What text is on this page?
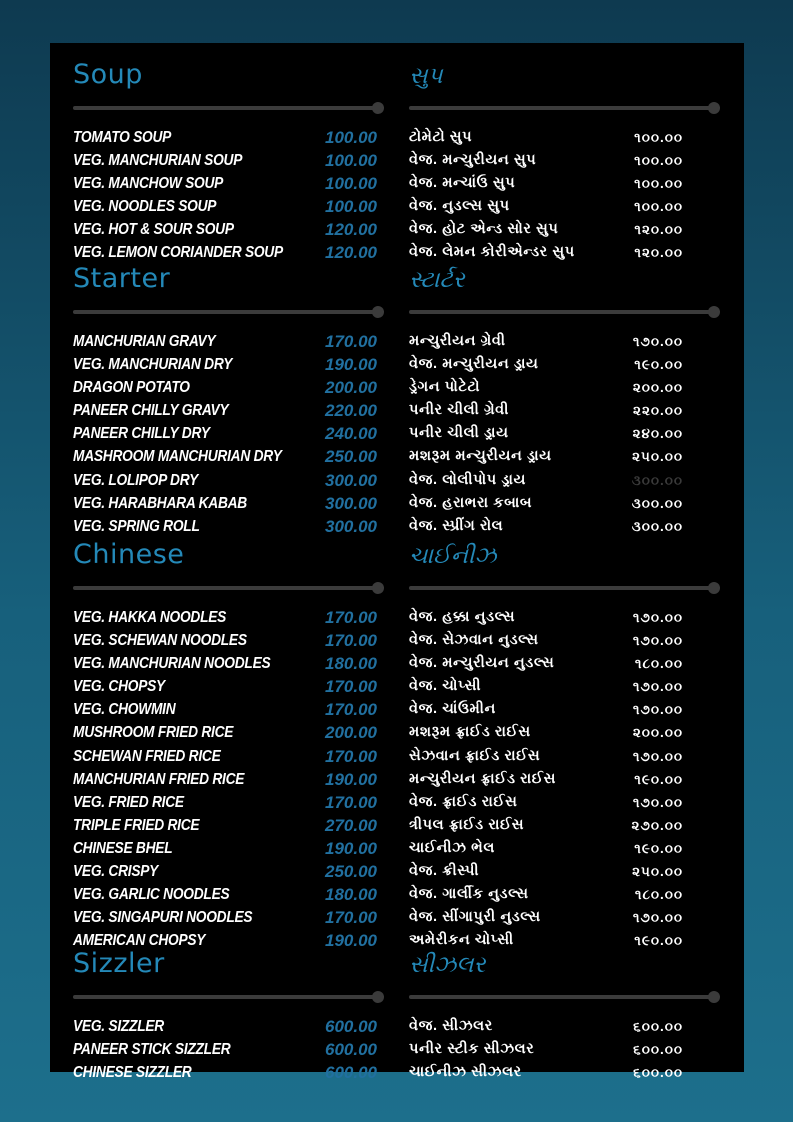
Soup
TOMATO SOUP	100.00
VEG. MANCHURIAN SOUP	100.00
VEG. MANCHOW SOUP	100.00
VEG. NOODLES SOUP	100.00
VEG. HOT & SOUR SOUP	120.00
VEG. LEMON CORIANDER SOUP 120.00
Starter
MANCHURIAN GRAVY	170.00
VEG. MANCHURIAN DRY	190.00
DRAGON POTATO	200.00
PANEER CHILLY GRAVY	220.00
PANEER CHILLY DRY	240.00
MASHROOM MANCHURIAN DRY	250.00
VEG. LOLIPOP DRY	300.00
VEG. HARABHARA KABAB	300.00
VEG. SPRING ROLL	300.00
Chinese
VEG. HAKKA NOODLES	170.00
VEG. SCHEWAN NOODLES	170.00
VEG. MANCHURIAN NOODLES	180.00
VEG. CHOPSY	170.00
VEG. CHOWMIN	170.00
MUSHROOM FRIED RICE	200.00
SCHEWAN FRIED RICE	170.00
MANCHURIAN FRIED RICE	190.00
VEG. FRIED RICE	170.00
TRIPLE FRIED RICE	270.00
CHINESE BHEL	190.00
VEG. CRISPY	250.00
VEG. GARLIC NOODLES	180.00
VEG. SINGAPURI NOODLES	170.00
AMERICAN CHOPSY	190.00
Sizzler
VEG. SIZZLER	600.00
PANEER STICK SIZZLER	600.00
CHINESE SIZZLER	600.00
સુપ
ટોમેટો સુપ	૧૦૦.૦૦
વેજ. મન્ચુરીયન સુપ	૧૦૦.૦૦
વેજ. મન્ચાંઉ સુપ	૧૦૦.૦૦
વેજ. નુડલ્સ સુપ	૧૦૦.૦૦
વેજ. હોટ એન્ડ સોર સુપ	૧૨૦.૦૦
વેજ. લેમન કોરીએન્ડર સુપ	૧૨૦.૦૦
સ્ટાર્ટર
મન્ચુરીયન ગ્રેવી	૧૭૦.૦૦
વેજ. મન્ચુરીયન ડ્રાય	૧૯૦.૦૦
ડ્રેગન પોટેટો	૨૦૦.૦૦
પનીર ચીલી ગ્રેવી	૨૨૦.૦૦
પનીર ચીલી ડ્રાય	૨૪૦.૦૦
મશરૂમ મન્ચુરીયન ડ્રાય	૨૫૦.૦૦
વેજ. લોલીપોપ ડ્રાય	૩૦૦.૦૦
વેજ. હરાભરા કબાબ	૩૦૦.૦૦
વેજ. સ્પ્રીંગ રોલ	૩૦૦.૦૦
ચાઈનીઝ
વેજ. હક્કા નુડલ્સ	૧૭૦.૦૦
વેજ. સેઝવાન નુડલ્સ	૧૭૦.૦૦
વેજ. મન્ચુરીયન નુડલ્સ	૧૮૦.૦૦
વેજ. ચોપ્સી	૧૭૦.૦૦
વેજ. ચાંઉમીન	૧૭૦.૦૦
મશરૂમ ફ્રાઈડ રાઈસ	૨૦૦.૦૦
સેઝવાન ફ્રાઈડ રાઈસ	૧૭૦.૦૦
મન્ચુરીયન ફ્રાઈડ રાઈસ	૧૯૦.૦૦
વેજ. ફ્રાઈડ રાઈસ	૧૭૦.૦૦
ત્રીપલ ફ્રાઈડ રાઈસ	૨૭૦.૦૦
ચાઈનીઝ ભેલ	૧૯૦.૦૦
વેજ. ક્રીસ્પી	૨૫૦.૦૦
વેજ. ગાર્લીક નુડલ્સ	૧૮૦.૦૦
વેજ. સીંગાપુરી નુડલ્સ	૧૭૦.૦૦
અમેરીકન ચોપ્સી	૧૯૦.૦૦
સીઝલર
વેજ. સીઝલર	૬૦૦.૦૦
પનીર સ્ટીક સીઝલર	૬૦૦.૦૦
ચાઈનીઝ સીઝલર	૬૦૦.૦૦
